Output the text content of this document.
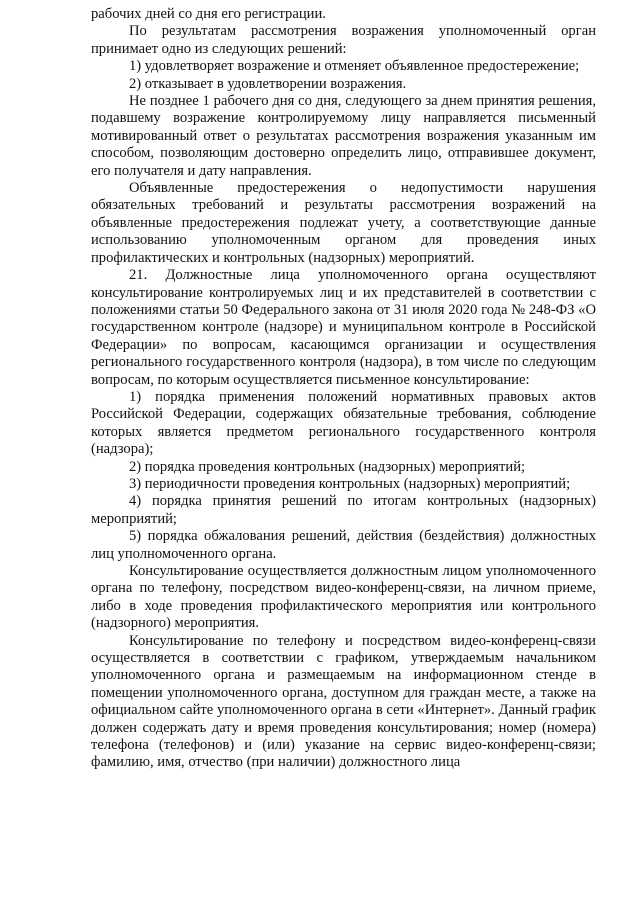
рабочих дней со дня его регистрации.

По результатам рассмотрения возражения уполномоченный орган принимает одно из следующих решений:

1) удовлетворяет возражение и отменяет объявленное предостережение;

2) отказывает в удовлетворении возражения.

Не позднее 1 рабочего дня со дня, следующего за днем принятия решения, подавшему возражение контролируемому лицу направляется письменный мотивированный ответ о результатах рассмотрения возражения указанным им способом, позволяющим достоверно определить лицо, отправившее документ, его получателя и дату направления.

Объявленные предостережения о недопустимости нарушения обязательных требований и результаты рассмотрения возражений на объявленные предостережения подлежат учету, а соответствующие данные использованию уполномоченным органом для проведения иных профилактических и контрольных (надзорных) мероприятий.

21. Должностные лица уполномоченного органа осуществляют консультирование контролируемых лиц и их представителей в соответствии с положениями статьи 50 Федерального закона от 31 июля 2020 года № 248-ФЗ «О государственном контроле (надзоре) и муниципальном контроле в Российской Федерации» по вопросам, касающимся организации и осуществления регионального государственного контроля (надзора), в том числе по следующим вопросам, по которым осуществляется письменное консультирование:

1) порядка применения положений нормативных правовых актов Российской Федерации, содержащих обязательные требования, соблюдение которых является предметом регионального государственного контроля (надзора);

2) порядка проведения контрольных (надзорных) мероприятий;

3) периодичности проведения контрольных (надзорных) мероприятий;

4) порядка принятия решений по итогам контрольных (надзорных) мероприятий;

5) порядка обжалования решений, действия (бездействия) должностных лиц уполномоченного органа.

Консультирование осуществляется должностным лицом уполномоченного органа по телефону, посредством видео-конференц-связи, на личном приеме, либо в ходе проведения профилактического мероприятия или контрольного (надзорного) мероприятия.

Консультирование по телефону и посредством видео-конференц-связи осуществляется в соответствии с графиком, утверждаемым начальником уполномоченного органа и размещаемым на информационном стенде в помещении уполномоченного органа, доступном для граждан месте, а также на официальном сайте уполномоченного органа в сети «Интернет». Данный график должен содержать дату и время проведения консультирования; номер (номера) телефона (телефонов) и (или) указание на сервис видео-конференц-связи; фамилию, имя, отчество (при наличии) должностного лица
